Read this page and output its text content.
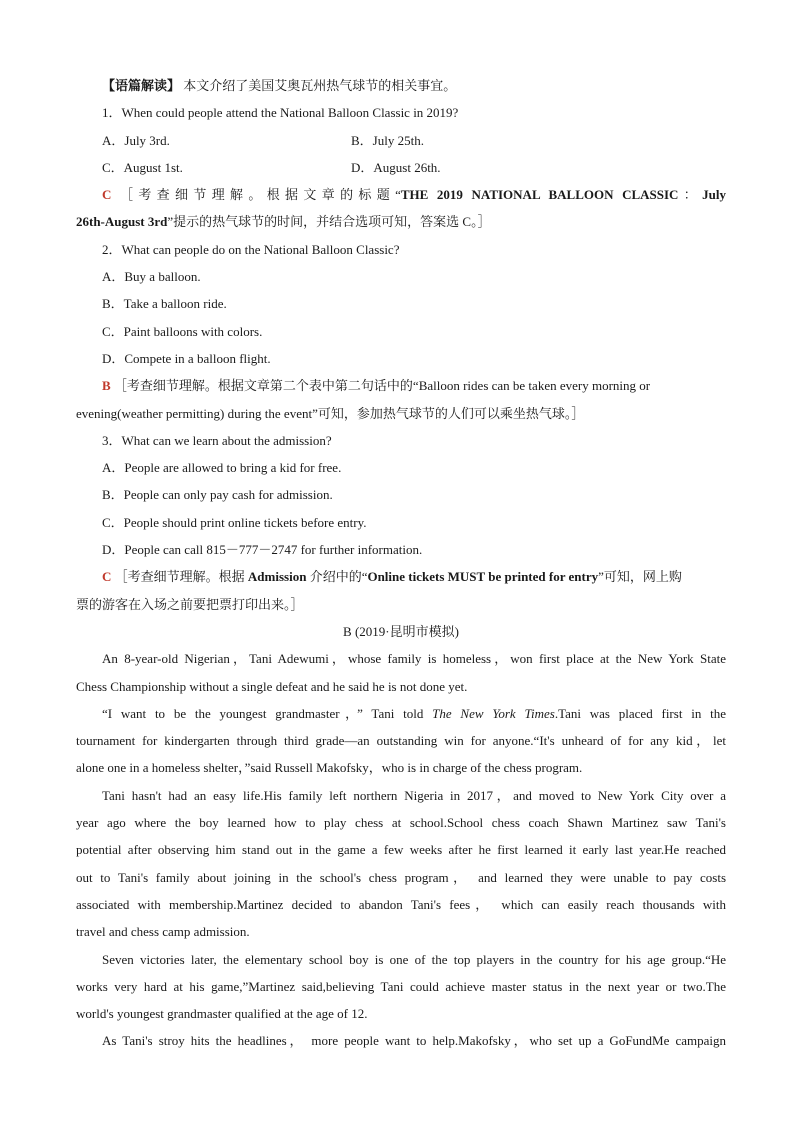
【语篇解读】 本文介绍了美国艾奥瓦州热气球节的相关事宜。
1．When could people attend the National Balloon Classic in 2019?
A．July 3rd.	B．July 25th.
C．August 1st.	D．August 26th.
C ［考查细节理解。根据文章的标题“THE 2019 NATIONAL BALLOON CLASSIC：July
26th-August 3rd”提示的热气球节的时间，并结合选项可知，答案选 C。］
2．What can people do on the National Balloon Classic?
A．Buy a balloon.
B．Take a balloon ride.
C．Paint balloons with colors.
D．Compete in a balloon flight.
B ［考查细节理解。根据文章第二个表中第二句话中的“Balloon rides can be taken every morning or
evening(weather permitting) during the event”可知，参加热气球节的人们可以乘坐热气球。］
3．What can we learn about the admission?
A．People are allowed to bring a kid for free.
B．People can only pay cash for admission.
C．People should print online tickets before entry.
D．People can call 815－777－2747 for further information.
C ［考查细节理解。根据 Admission 介绍中的“Online tickets MUST be printed for entry”可知，网上购
票的游客在入场之前要把票打印出来。］
B (2019·昆明市模拟)
An 8-year-old Nigerian，Tani Adewumi，whose family is homeless，won first place at the New York State
Chess Championship without a single defeat and he said he is not done yet.
“I want to be the youngest grandmaster，” Tani told The New York Times.Tani was placed first in the
tournament for kindergarten through third grade—an outstanding win for anyone.“It's unheard of for any kid，let
alone one in a homeless shelter，”said Russell Makofsky，who is in charge of the chess program.
Tani hasn't had an easy life.His family left northern Nigeria in 2017，and moved to New York City over a
year ago where the boy learned how to play chess at school.School chess coach Shawn Martinez saw Tani's
potential after observing him stand out in the game a few weeks after he first learned it early last year.He reached
out to Tani's family about joining in the school's chess program， and learned they were unable to pay costs
associated with membership.Martinez decided to abandon Tani's fees， which can easily reach thousands with
travel and chess camp admission.
Seven victories later, the elementary school boy is one of the top players in the country for his age group.“He
works very hard at his game,”Martinez said,believing Tani could achieve master status in the next year or two.The
world's youngest grandmaster qualified at the age of 12.
As Tani's stroy hits the headlines， more people want to help.Makofsky，who set up a GoFundMe campaign
